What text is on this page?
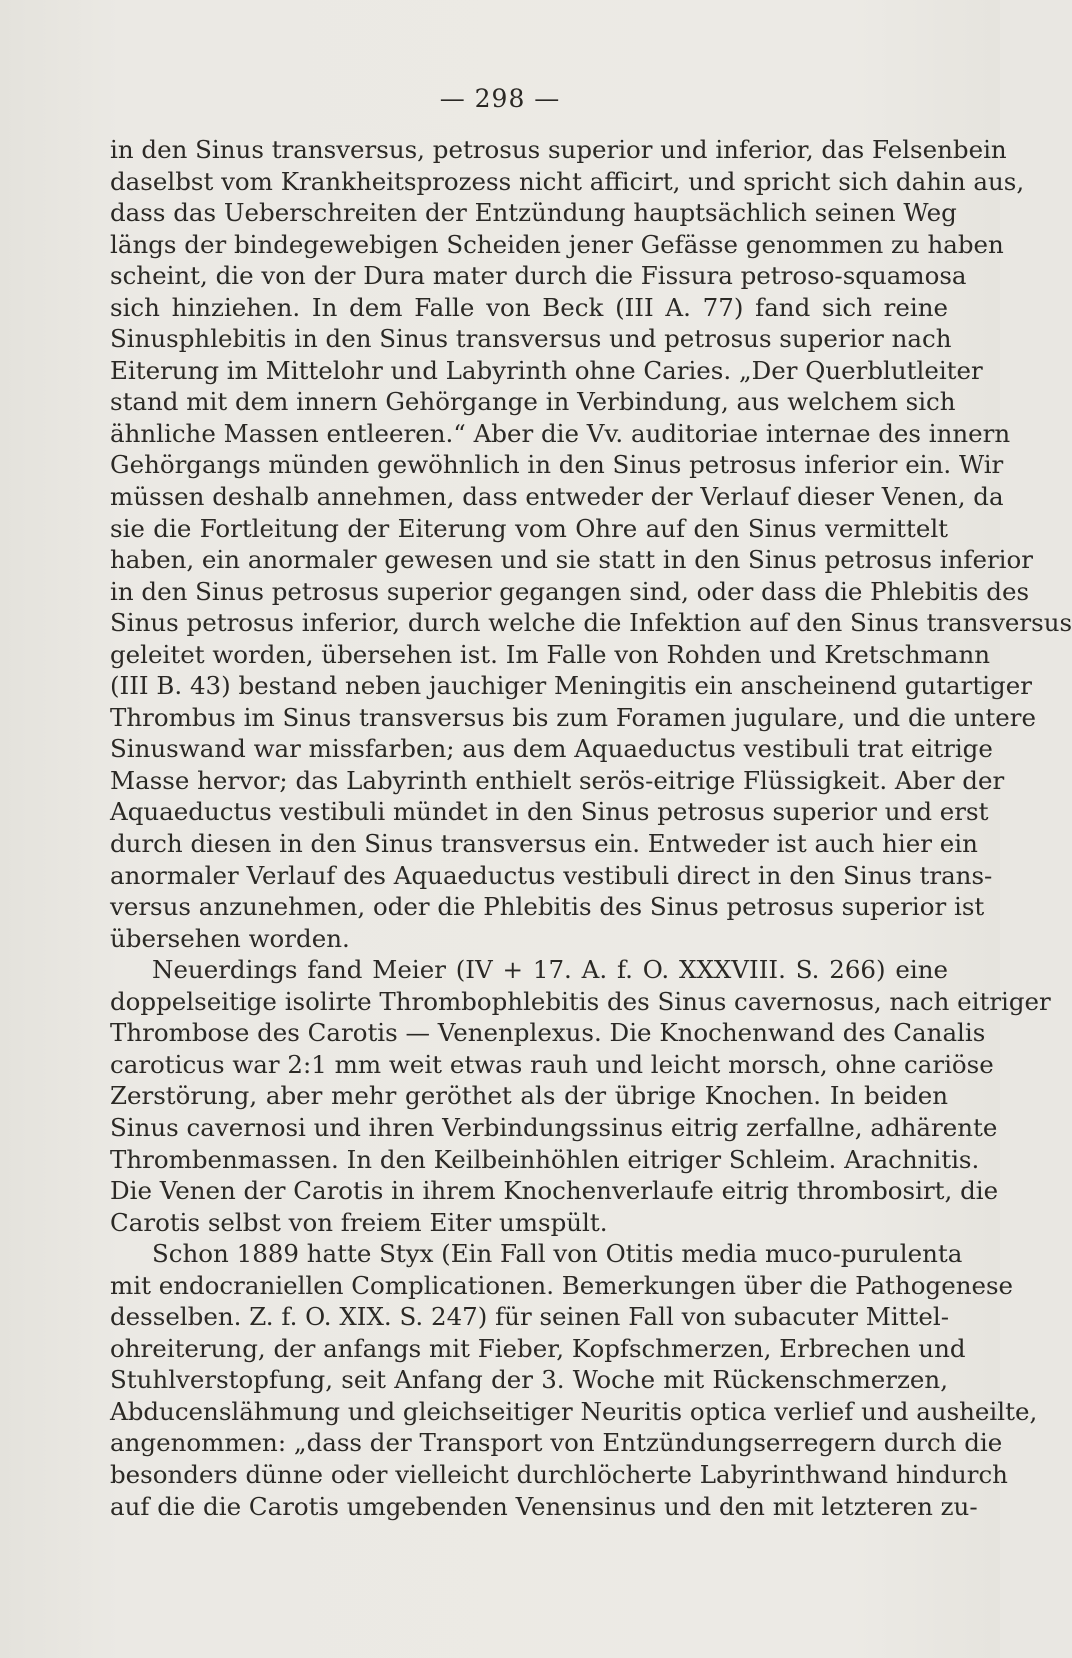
— 298 —
in den Sinus transversus, petrosus superior und inferior, das Felsenbein
daselbst vom Krankheitsprozess nicht afficirt, und spricht sich dahin aus,
dass das Ueberschreiten der Entzündung hauptsächlich seinen Weg
längs der bindegewebigen Scheiden jener Gefässe genommen zu haben
scheint, die von der Dura mater durch die Fissura petroso-squamosa
sich hinziehen. In dem Falle von Beck (III A. 77) fand sich reine
Sinusphlebitis in den Sinus transversus und petrosus superior nach
Eiterung im Mittelohr und Labyrinth ohne Caries. „Der Querblutleiter
stand mit dem innern Gehörgange in Verbindung, aus welchem sich
ähnliche Massen entleeren.“ Aber die Vv. auditoriae internae des innern
Gehörgangs münden gewöhnlich in den Sinus petrosus inferior ein. Wir
müssen deshalb annehmen, dass entweder der Verlauf dieser Venen, da
sie die Fortleitung der Eiterung vom Ohre auf den Sinus vermittelt
haben, ein anormaler gewesen und sie statt in den Sinus petrosus inferior
in den Sinus petrosus superior gegangen sind, oder dass die Phlebitis des
Sinus petrosus inferior, durch welche die Infektion auf den Sinus transversus
geleitet worden, übersehen ist. Im Falle von Rohden und Kretschmann
(III B. 43) bestand neben jauchiger Meningitis ein anscheinend gutartiger
Thrombus im Sinus transversus bis zum Foramen jugulare, und die untere
Sinuswand war missfarben; aus dem Aquaeductus vestibuli trat eitrige
Masse hervor; das Labyrinth enthielt serös-eitrige Flüssigkeit. Aber der
Aquaeductus vestibuli mündet in den Sinus petrosus superior und erst
durch diesen in den Sinus transversus ein. Entweder ist auch hier ein
anormaler Verlauf des Aquaeductus vestibuli direct in den Sinus trans-
versus anzunehmen, oder die Phlebitis des Sinus petrosus superior ist
übersehen worden.
Neuerdings fand Meier (IV + 17. A. f. O. XXXVIII. S. 266) eine
doppelseitige isolirte Thrombophlebitis des Sinus cavernosus, nach eitriger
Thrombose des Carotis — Venenplexus. Die Knochenwand des Canalis
caroticus war 2:1 mm weit etwas rauh und leicht morsch, ohne cariöse
Zerstörung, aber mehr geröthet als der übrige Knochen. In beiden
Sinus cavernosi und ihren Verbindungssinus eitrig zerfallne, adhärente
Thrombenmassen. In den Keilbeinhöhlen eitriger Schleim. Arachnitis.
Die Venen der Carotis in ihrem Knochenverlaufe eitrig thrombosirt, die
Carotis selbst von freiem Eiter umspült.
Schon 1889 hatte Styx (Ein Fall von Otitis media muco-purulenta
mit endocraniellen Complicationen. Bemerkungen über die Pathogenese
desselben. Z. f. O. XIX. S. 247) für seinen Fall von subacuter Mittel-
ohreiterung, der anfangs mit Fieber, Kopfschmerzen, Erbrechen und
Stuhlverstopfung, seit Anfang der 3. Woche mit Rückenschmerzen,
Abducenslähmung und gleichseitiger Neuritis optica verlief und ausheilte,
angenommen: „dass der Transport von Entzündungserregern durch die
besonders dünne oder vielleicht durchlöcherte Labyrinthwand hindurch
auf die die Carotis umgebenden Venensinus und den mit letzteren zu-
